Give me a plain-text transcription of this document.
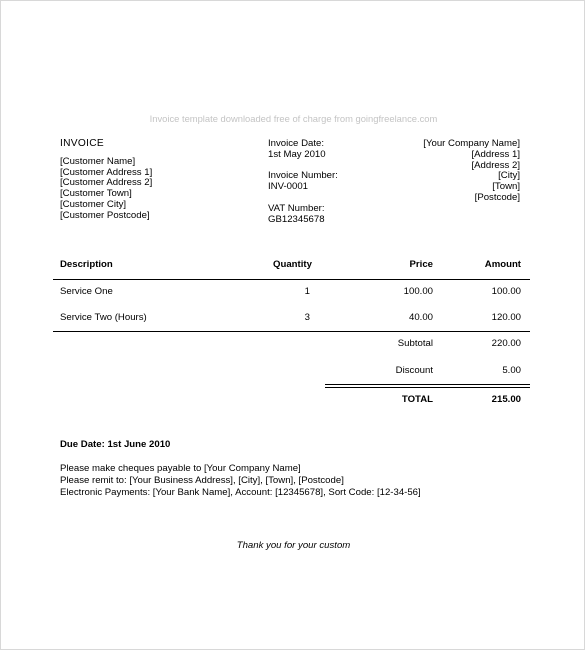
Invoice template downloaded free of charge from goingfreelance.com
INVOICE
[Customer Name]
[Customer Address 1]
[Customer Address 2]
[Customer Town]
[Customer City]
[Customer Postcode]
Invoice Date:
1st May 2010
Invoice Number:
INV-0001
VAT Number:
GB12345678
[Your Company Name]
[Address 1]
[Address 2]
[City]
[Town]
[Postcode]
Description	Quantity	Price	Amount
Service One	1	100.00	100.00
Service Two (Hours)	3	40.00	120.00
Subtotal	220.00
Discount	5.00
TOTAL	215.00
Due Date: 1st June 2010
Please make cheques payable to [Your Company Name]
Please remit to: [Your Business Address], [City], [Town], [Postcode]
Electronic Payments: [Your Bank Name], Account: [12345678], Sort Code: [12-34-56]
Thank you for your custom
